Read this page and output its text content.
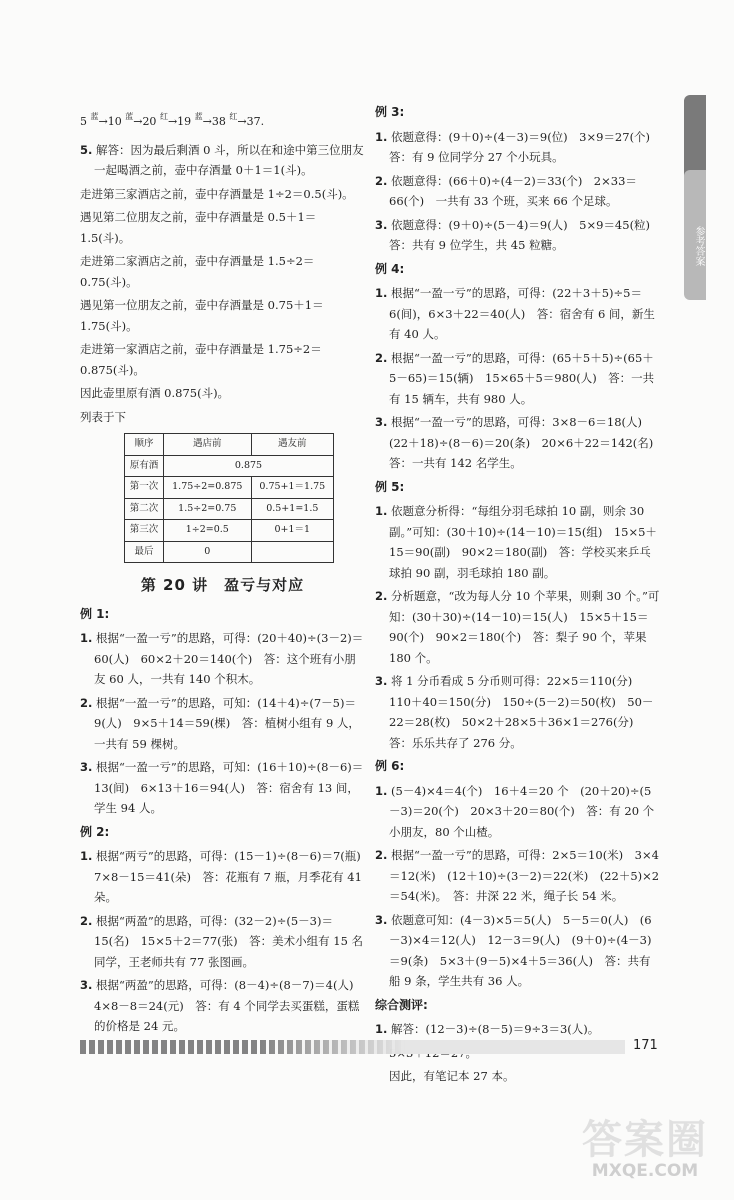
参考答案
5 $^蓝$→10 $^蓝$→20 $^红$→19 $^蓝$→38 $^红$→37.

5. 解答：因为最后剩酒 0 斗，所以在和途中第三位朋友一起喝酒之前，壶中存酒量 0＋1＝1(斗)。

走进第三家酒店之前，壶中存酒量是 1÷2＝0.5(斗)。

遇见第二位朋友之前，壶中存酒量是 0.5＋1＝1.5(斗)。

走进第二家酒店之前，壶中存酒量是 1.5÷2＝0.75(斗)。

遇见第一位朋友之前，壶中存酒量是 0.75＋1＝1.75(斗)。

走进第一家酒店之前，壶中存酒量是 1.75÷2＝0.875(斗)。

因此壶里原有酒 0.875(斗)。

列表于下

顺序	遇店前	遇友前
原有酒	0.875	
第一次	1.75÷2=0.875	0.75+1＝1.75
第二次	1.5÷2=0.75	0.5+1=1.5
第三次	1÷2=0.5	0+1＝1
最后	0	
第 20 讲　盈亏与对应
例 1:

1. 根据“一盈一亏”的思路，可得：(20＋40)÷(3－2)＝60(人)　60×2＋20＝140(个)　答：这个班有小朋友 60 人，一共有 140 个积木。

2. 根据“一盈一亏”的思路，可知：(14＋4)÷(7－5)＝9(人)　9×5＋14＝59(棵)　答：植树小组有 9 人，一共有 59 棵树。

3. 根据“一盈一亏”的思路，可知：(16＋10)÷(8－6)＝13(间)　6×13＋16＝94(人)　答：宿舍有 13 间，学生 94 人。

例 2:

1. 根据“两亏”的思路，可得：(15－1)÷(8－6)＝7(瓶)　7×8－15＝41(朵)　答：花瓶有 7 瓶，月季花有 41 朵。

2. 根据“两盈”的思路，可得：(32－2)÷(5－3)＝15(名)　15×5＋2＝77(张)　答：美术小组有 15 名同学，王老师共有 77 张图画。

3. 根据“两盈”的思路，可得：(8－4)÷(8－7)＝4(人)　4×8－8＝24(元)　答：有 4 个同学去买蛋糕，蛋糕的价格是 24 元。

例 3:

1. 依题意得：(9＋0)÷(4－3)＝9(位)　3×9＝27(个)　答：有 9 位同学分 27 个小玩具。

2. 依题意得：(66＋0)÷(4－2)＝33(个)　2×33＝66(个)　一共有 33 个班，买来 66 个足球。

3. 依题意得：(9＋0)÷(5－4)＝9(人)　5×9＝45(粒)　答：共有 9 位学生，共 45 粒糖。

例 4:

1. 根据“一盈一亏”的思路，可得：(22＋3＋5)÷5＝6(间)，6×3＋22＝40(人)　答：宿舍有 6 间，新生有 40 人。

2. 根据“一盈一亏”的思路，可得：(65＋5＋5)÷(65＋5－65)＝15(辆)　15×65＋5＝980(人)　答：一共有 15 辆车，共有 980 人。

3. 根据“一盈一亏”的思路，可得：3×8－6＝18(人)　(22＋18)÷(8－6)＝20(条)　20×6＋22＝142(名)　答：一共有 142 名学生。

例 5:

1. 依题意分析得：“每组分羽毛球拍 10 副，则余 30 副。”可知：(30＋10)÷(14－10)＝15(组)　15×5＋15＝90(副)　90×2＝180(副)　答：学校买来乒乓球拍 90 副，羽毛球拍 180 副。

2. 分析题意，“改为每人分 10 个苹果，则剩 30 个。”可知：(30＋30)÷(14－10)＝15(人)　15×5＋15＝90(个)　90×2＝180(个)　答：梨子 90 个，苹果 180 个。

3. 将 1 分币看成 5 分币则可得：22×5＝110(分)　110＋40＝150(分)　150÷(5－2)＝50(枚)　50－22＝28(枚)　50×2＋28×5＋36×1＝276(分)　答：乐乐共存了 276 分。

例 6:

1. (5－4)×4＝4(个)　16＋4＝20 个　(20＋20)÷(5－3)＝20(个)　20×3＋20＝80(个)　答：有 20 个小朋友，80 个山楂。

2. 根据“一盈一亏”的思路，可得：2×5＝10(米)　3×4＝12(米)　(12＋10)÷(3－2)＝22(米)　(22＋5)×2＝54(米)。　答：井深 22 米，绳子长 54 米。

3. 依题意可知：(4－3)×5＝5(人)　5－5＝0(人)　(6－3)×4＝12(人)　12－3＝9(人)　(9＋0)÷(4－3)＝9(条)　5×3＋(9－5)×4＋5＝36(人)　答：共有船 9 条，学生共有 36 人。

综合测评:

1. 解答：(12－3)÷(8－5)＝9÷3＝3(人)。

因此，有笔记本 27 本。

171
答案圈
MXQE.COM
